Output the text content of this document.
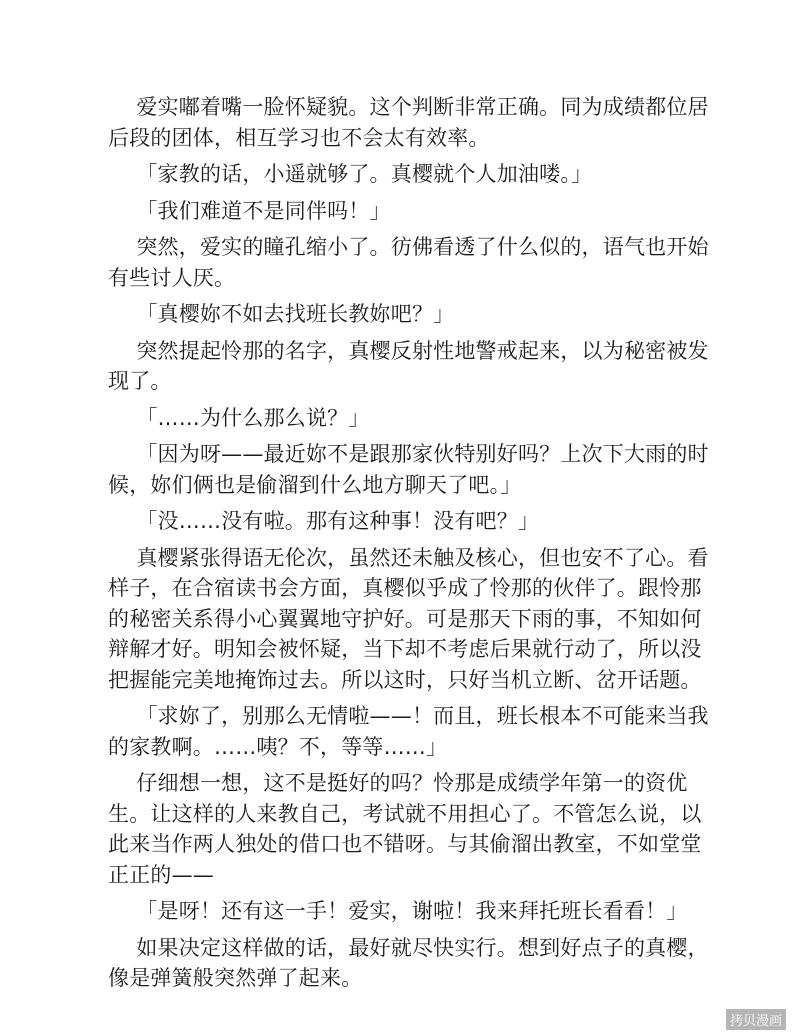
爱实嘟着嘴一脸怀疑貌。这个判断非常正确。同为成绩都位居后段的团体，相互学习也不会太有效率。

「家教的话，小遥就够了。真樱就个人加油喽。」

「我们难道不是同伴吗！」

突然，爱实的瞳孔缩小了。彷佛看透了什么似的，语气也开始有些讨人厌。

「真樱妳不如去找班长教妳吧？」

突然提起怜那的名字，真樱反射性地警戒起来，以为秘密被发现了。

「……为什么那么说？」

「因为呀——最近妳不是跟那家伙特别好吗？上次下大雨的时候，妳们俩也是偷溜到什么地方聊天了吧。」

「没……没有啦。那有这种事！没有吧？」

真樱紧张得语无伦次，虽然还未触及核心，但也安不了心。看样子，在合宿读书会方面，真樱似乎成了怜那的伙伴了。跟怜那的秘密关系得小心翼翼地守护好。可是那天下雨的事，不知如何辩解才好。明知会被怀疑，当下却不考虑后果就行动了，所以没把握能完美地掩饰过去。所以这时，只好当机立断、岔开话题。

「求妳了，别那么无情啦——！而且，班长根本不可能来当我的家教啊。……咦？不，等等……」

仔细想一想，这不是挺好的吗？怜那是成绩学年第一的资优生。让这样的人来教自己，考试就不用担心了。不管怎么说，以此来当作两人独处的借口也不错呀。与其偷溜出教室，不如堂堂正正的——

「是呀！还有这一手！爱实，谢啦！我来拜托班长看看！」

如果决定这样做的话，最好就尽快实行。想到好点子的真樱，像是弹簧般突然弹了起来。

拷贝漫画
